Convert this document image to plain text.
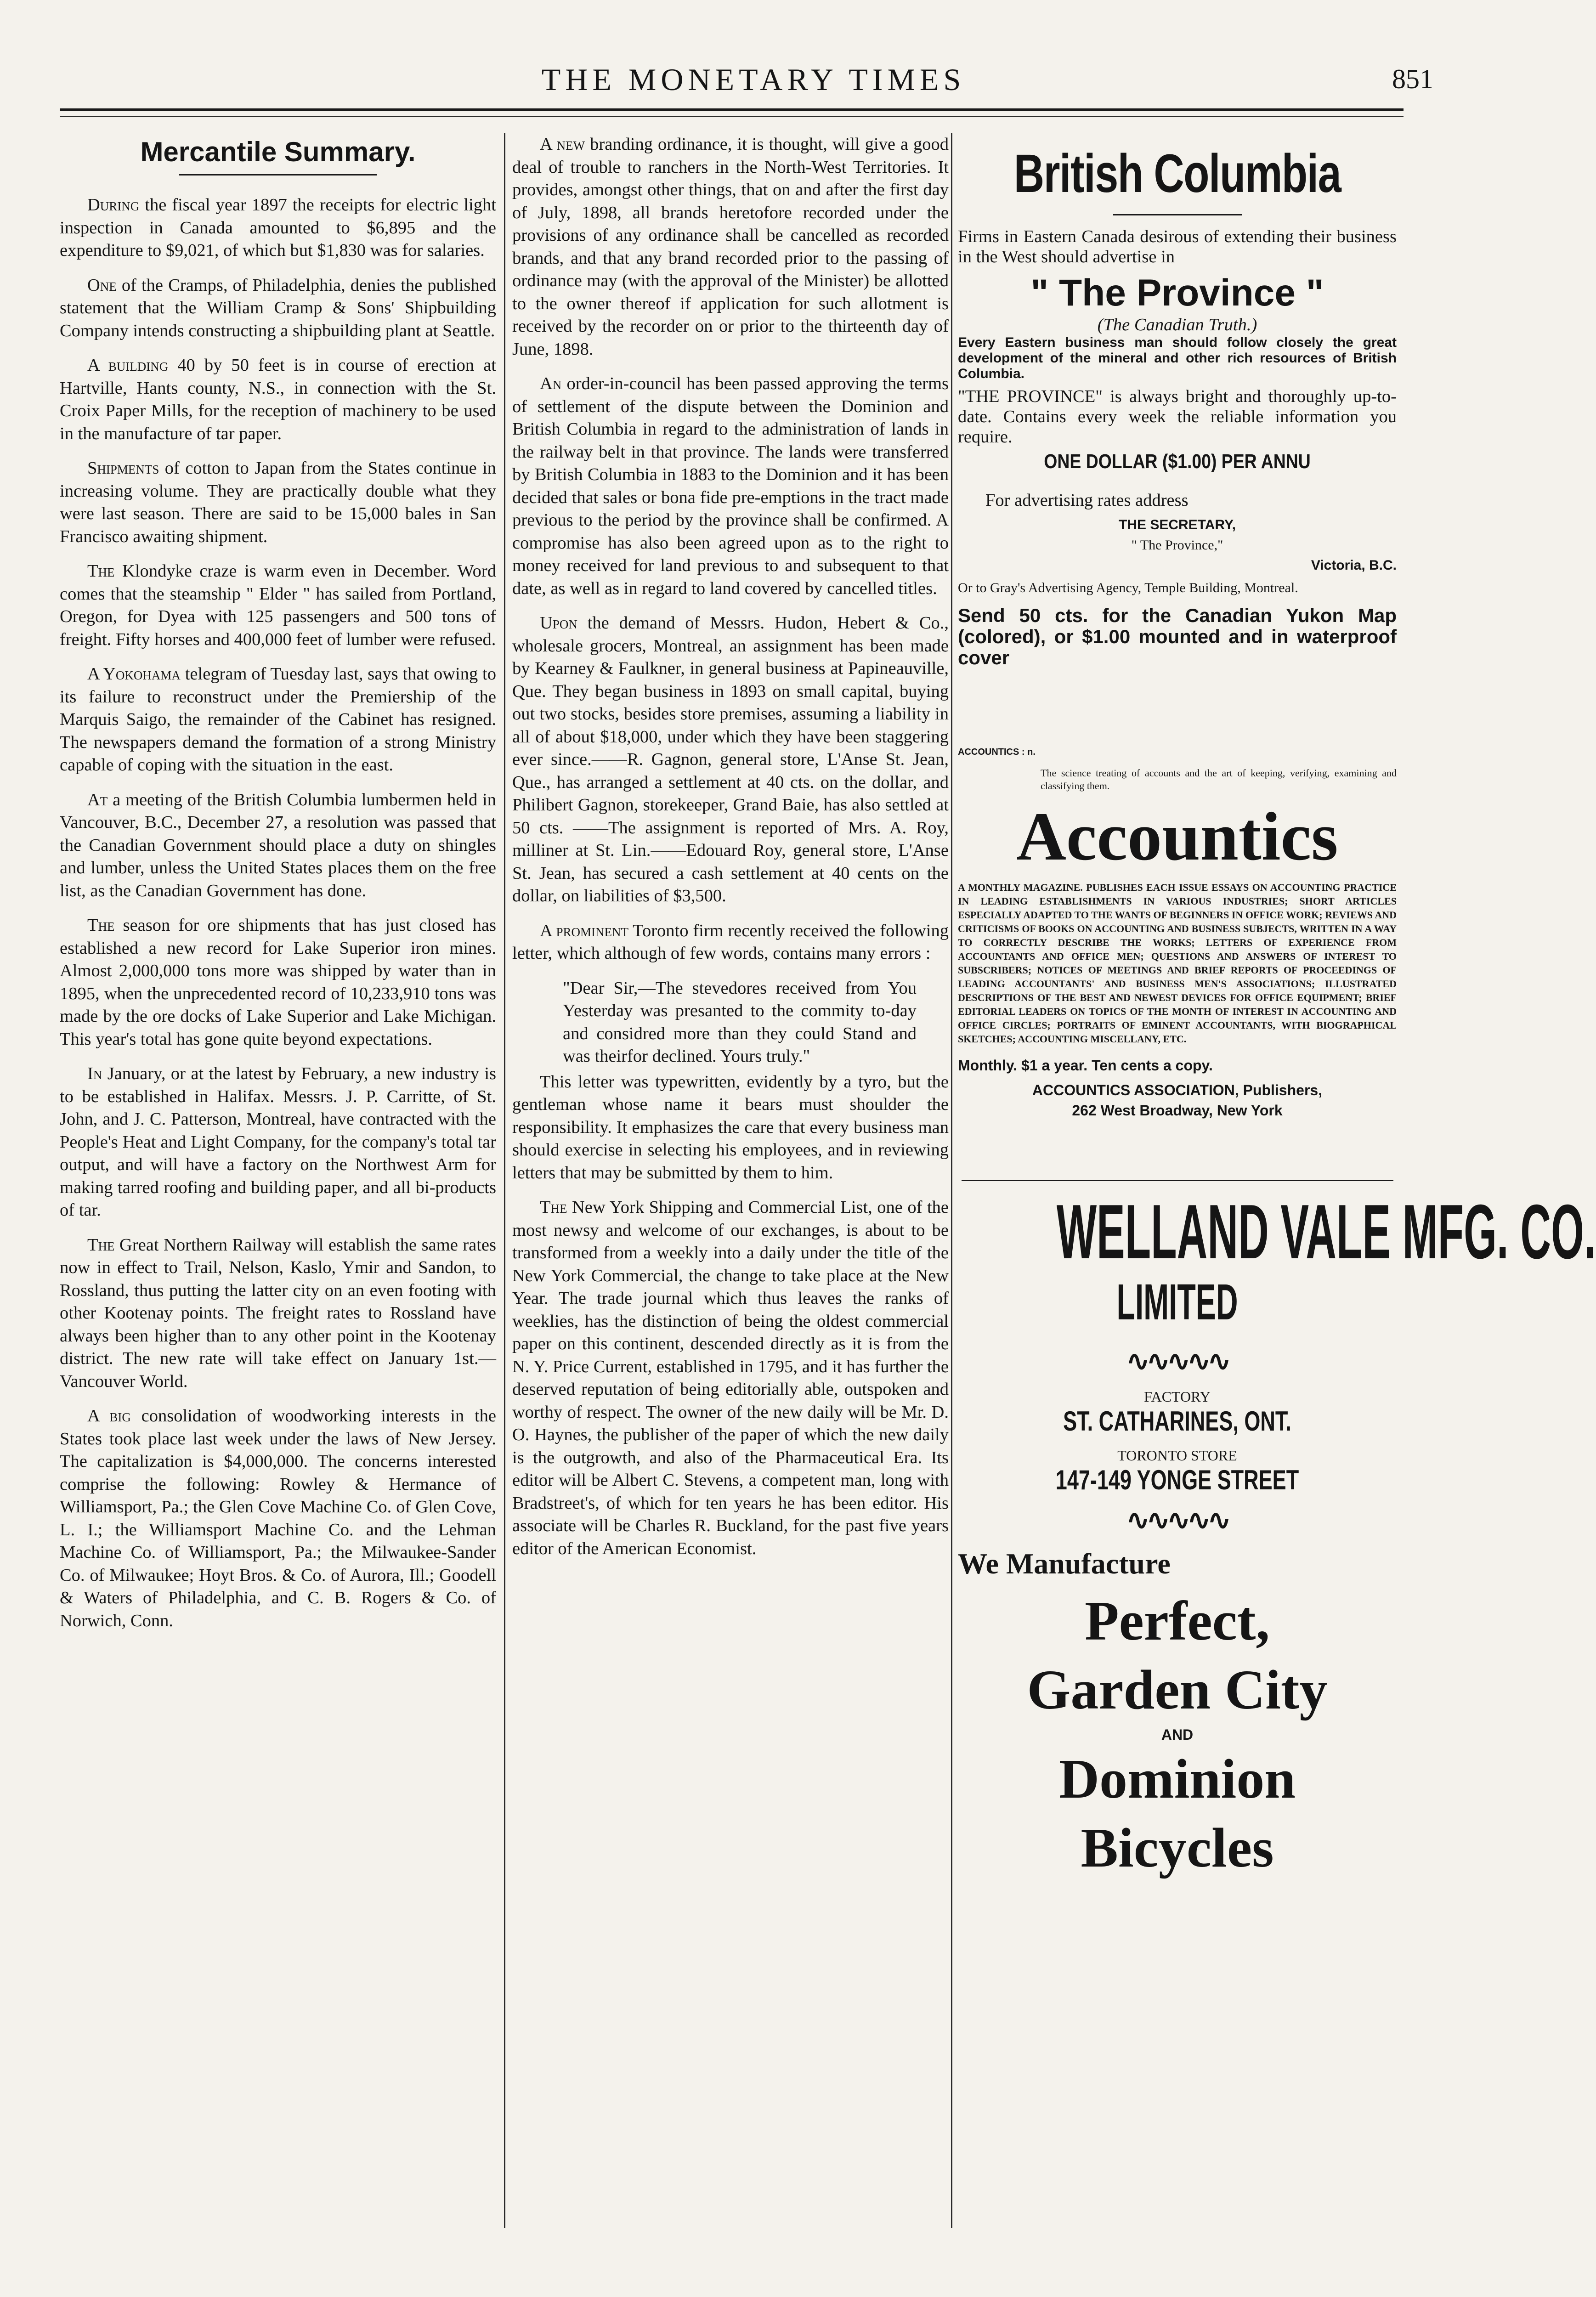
THE MONETARY TIMES	851
Mercantile Summary.

During the fiscal year 1897 the receipts for electric light inspection in Canada amounted to $6,895 and the expenditure to $9,021, of which but $1,830 was for salaries.

One of the Cramps, of Philadelphia, denies the published statement that the William Cramp & Sons' Shipbuilding Company intends constructing a shipbuilding plant at Seattle.

A building 40 by 50 feet is in course of erection at Hartville, Hants county, N.S., in connection with the St. Croix Paper Mills, for the reception of machinery to be used in the manufacture of tar paper.

Shipments of cotton to Japan from the States continue in increasing volume. They are practically double what they were last season. There are said to be 15,000 bales in San Francisco awaiting shipment.

The Klondyke craze is warm even in December. Word comes that the steamship " Elder " has sailed from Portland, Oregon, for Dyea with 125 passengers and 500 tons of freight. Fifty horses and 400,000 feet of lumber were refused.

A Yokohama telegram of Tuesday last, says that owing to its failure to reconstruct under the Premiership of the Marquis Saigo, the remainder of the Cabinet has resigned. The newspapers demand the formation of a strong Ministry capable of coping with the situation in the east.

At a meeting of the British Columbia lumbermen held in Vancouver, B.C., December 27, a resolution was passed that the Canadian Government should place a duty on shingles and lumber, unless the United States places them on the free list, as the Canadian Government has done.

The season for ore shipments that has just closed has established a new record for Lake Superior iron mines. Almost 2,000,000 tons more was shipped by water than in 1895, when the unprecedented record of 10,233,910 tons was made by the ore docks of Lake Superior and Lake Michigan. This year's total has gone quite beyond expectations.

In January, or at the latest by February, a new industry is to be established in Halifax. Messrs. J. P. Carritte, of St. John, and J. C. Patterson, Montreal, have contracted with the People's Heat and Light Company, for the company's total tar output, and will have a factory on the Northwest Arm for making tarred roofing and building paper, and all bi-products of tar.

The Great Northern Railway will establish the same rates now in effect to Trail, Nelson, Kaslo, Ymir and Sandon, to Rossland, thus putting the latter city on an even footing with other Kootenay points. The freight rates to Rossland have always been higher than to any other point in the Kootenay district. The new rate will take effect on January 1st.—Vancouver World.

A big consolidation of woodworking interests in the States took place last week under the laws of New Jersey. The capitalization is $4,000,000. The concerns interested comprise the following: Rowley & Hermance of Williamsport, Pa.; the Glen Cove Machine Co. of Glen Cove, L. I.; the Williamsport Machine Co. and the Lehman Machine Co. of Williamsport, Pa.; the Milwaukee-Sander Co. of Milwaukee; Hoyt Bros. & Co. of Aurora, Ill.; Goodell & Waters of Philadelphia, and C. B. Rogers & Co. of Norwich, Conn.

A new branding ordinance, it is thought, will give a good deal of trouble to ranchers in the North-West Territories. It provides, amongst other things, that on and after the first day of July, 1898, all brands heretofore recorded under the provisions of any ordinance shall be cancelled as recorded brands, and that any brand recorded prior to the passing of ordinance may (with the approval of the Minister) be allotted to the owner thereof if application for such allotment is received by the recorder on or prior to the thirteenth day of June, 1898.

An order-in-council has been passed approving the terms of settlement of the dispute between the Dominion and British Columbia in regard to the administration of lands in the railway belt in that province. The lands were transferred by British Columbia in 1883 to the Dominion and it has been decided that sales or bona fide pre-emptions in the tract made previous to the period by the province shall be confirmed. A compromise has also been agreed upon as to the right to money received for land previous to and subsequent to that date, as well as in regard to land covered by cancelled titles.

Upon the demand of Messrs. Hudon, Hebert & Co., wholesale grocers, Montreal, an assignment has been made by Kearney & Faulkner, in general business at Papineauville, Que. They began business in 1893 on small capital, buying out two stocks, besides store premises, assuming a liability in all of about $18,000, under which they have been staggering ever since.——R. Gagnon, general store, L'Anse St. Jean, Que., has arranged a settlement at 40 cts. on the dollar, and Philibert Gagnon, storekeeper, Grand Baie, has also settled at 50 cts. ——The assignment is reported of Mrs. A. Roy, milliner at St. Lin.——Edouard Roy, general store, L'Anse St. Jean, has secured a cash settlement at 40 cents on the dollar, on liabilities of $3,500.

A prominent Toronto firm recently received the following letter, which although of few words, contains many errors :

"Dear Sir,—The stevedores received from You Yesterday was presanted to the commity to-day and considred more than they could Stand and was theirfor declined. Yours truly."

This letter was typewritten, evidently by a tyro, but the gentleman whose name it bears must shoulder the responsibility. It emphasizes the care that every business man should exercise in selecting his employees, and in reviewing letters that may be submitted by them to him.

The New York Shipping and Commercial List, one of the most newsy and welcome of our exchanges, is about to be transformed from a weekly into a daily under the title of the New York Commercial, the change to take place at the New Year. The trade journal which thus leaves the ranks of weeklies, has the distinction of being the oldest commercial paper on this continent, descended directly as it is from the N. Y. Price Current, established in 1795, and it has further the deserved reputation of being editorially able, outspoken and worthy of respect. The owner of the new daily will be Mr. D. O. Haynes, the publisher of the paper of which the new daily is the outgrowth, and also of the Pharmaceutical Era. Its editor will be Albert C. Stevens, a competent man, long with Bradstreet's, of which for ten years he has been editor. His associate will be Charles R. Buckland, for the past five years editor of the American Economist.

British Columbia
Firms in Eastern Canada desirous of extending their business in the West should advertise in
" The Province "
(The Canadian Truth.)
Every Eastern business man should follow closely the great development of the mineral and other rich resources of British Columbia.
"THE PROVINCE" is always bright and thoroughly up-to-date. Contains every week the reliable information you require.
ONE DOLLAR ($1.00) PER ANNU
For advertising rates address
THE SECRETARY,
" The Province,"
Victoria, B.C.
Or to Gray's Advertising Agency, Temple Building, Montreal.
Send 50 cts. for the Canadian Yukon Map (colored), or $1.00 mounted and in waterproof cover
ACCOUNTICS : n.
The science treating of accounts and the art of keeping, verifying, examining and classifying them.
Accountics
A MONTHLY MAGAZINE. PUBLISHES EACH ISSUE ESSAYS ON ACCOUNTING PRACTICE IN LEADING ESTABLISHMENTS IN VARIOUS INDUSTRIES; SHORT ARTICLES ESPECIALLY ADAPTED TO THE WANTS OF BEGINNERS IN OFFICE WORK; REVIEWS AND CRITICISMS OF BOOKS ON ACCOUNTING AND BUSINESS SUBJECTS, WRITTEN IN A WAY TO CORRECTLY DESCRIBE THE WORKS; LETTERS OF EXPERIENCE FROM ACCOUNTANTS AND OFFICE MEN; QUESTIONS AND ANSWERS OF INTEREST TO SUBSCRIBERS; NOTICES OF MEETINGS AND BRIEF REPORTS OF PROCEEDINGS OF LEADING ACCOUNTANTS' AND BUSINESS MEN'S ASSOCIATIONS; ILLUSTRATED DESCRIPTIONS OF THE BEST AND NEWEST DEVICES FOR OFFICE EQUIPMENT; BRIEF EDITORIAL LEADERS ON TOPICS OF THE MONTH OF INTEREST IN ACCOUNTING AND OFFICE CIRCLES; PORTRAITS OF EMINENT ACCOUNTANTS, WITH BIOGRAPHICAL SKETCHES; ACCOUNTING MISCELLANY, ETC.
Monthly. $1 a year. Ten cents a copy.
ACCOUNTICS ASSOCIATION, Publishers,
262 West Broadway, New York
WELLAND VALE MFG. CO.
LIMITED
∿∿∿∿∿
FACTORY
ST. CATHARINES, ONT.
TORONTO STORE
147-149 YONGE STREET
∿∿∿∿∿
We Manufacture
Perfect,
Garden City
AND
Dominion
Bicycles
